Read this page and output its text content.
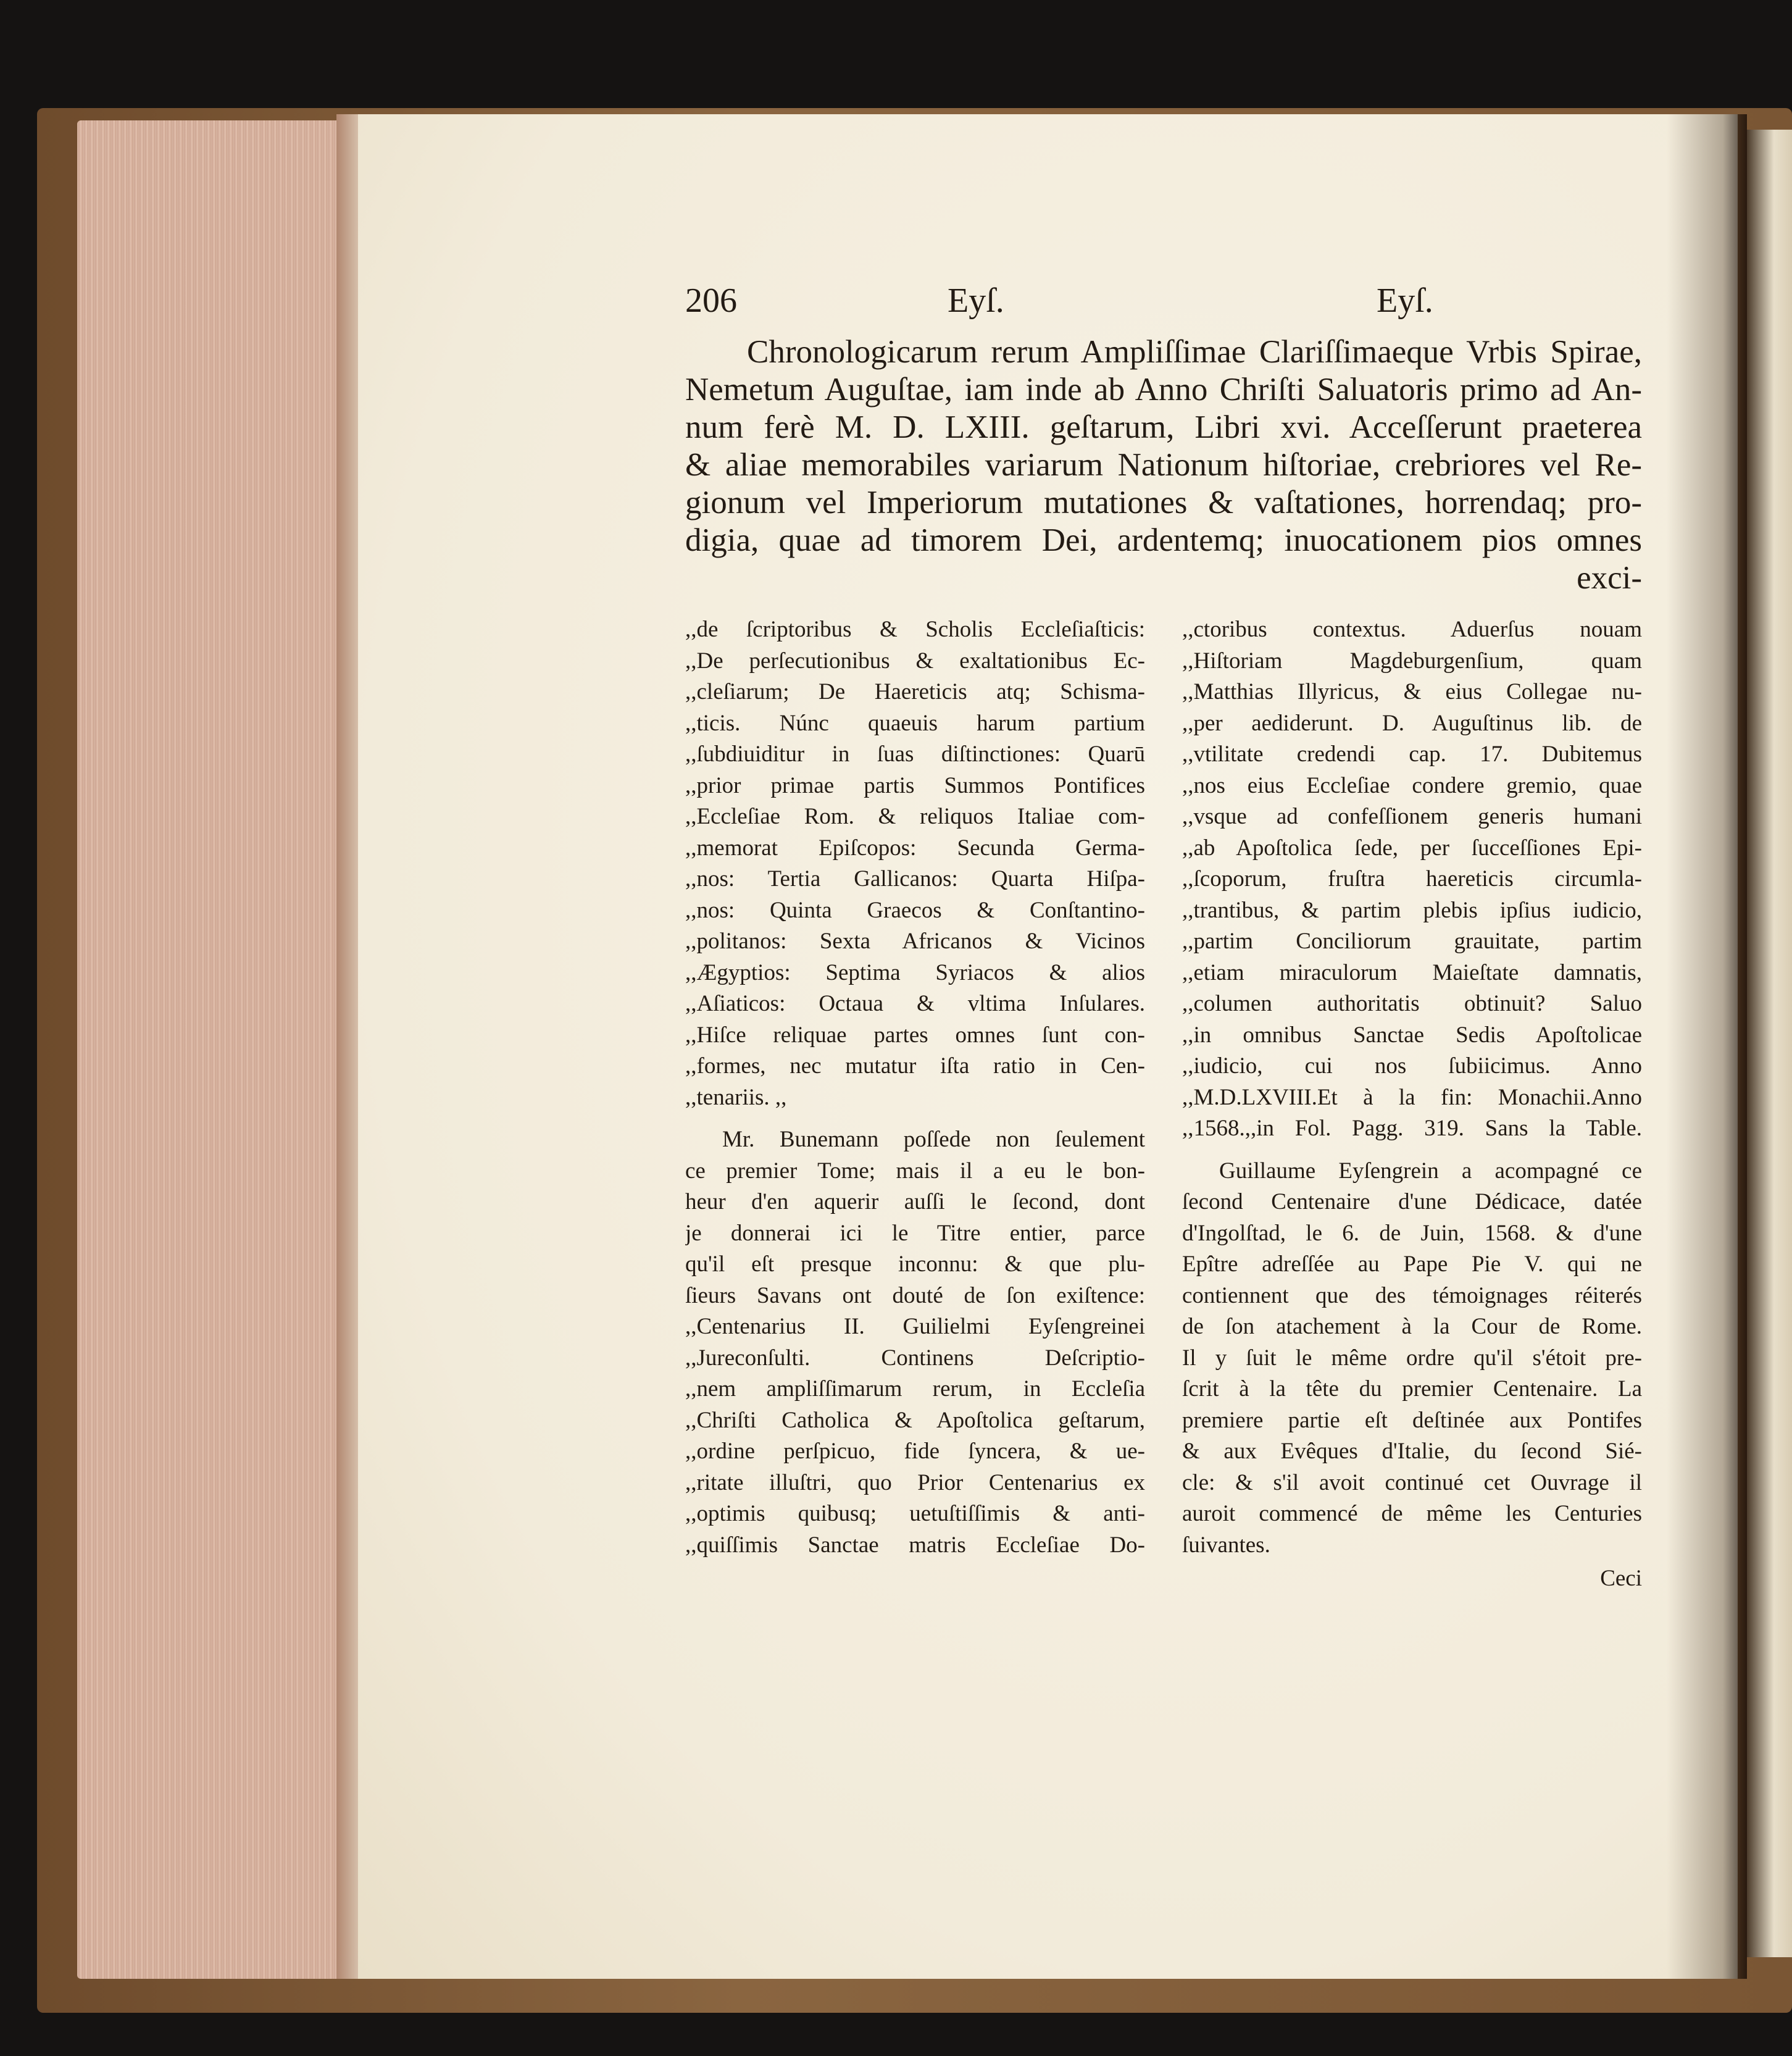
206	Eyſ.	Eyſ.
Chronologicarum rerum Ampliſſimae Clariſſimaeque Vrbis Spirae,
Nemetum Auguſtae, iam inde ab Anno Chriſti Saluatoris primo ad An-
num ferè M. D. LXIII. geſtarum, Libri xvi. Acceſſerunt praeterea
& aliae memorabiles variarum Nationum hiſtoriae, crebriores vel Re-
gionum vel Imperiorum mutationes & vaſtationes, horrendaq; pro-
digia, quae ad timorem Dei, ardentemq; inuocationem pios omnes
exci-
,,de ſcriptoribus & Scholis Eccleſiaſticis:
,,De perſecutionibus & exaltationibus Ec-
,,cleſiarum; De Haereticis atq; Schisma-
,,ticis. Núnc quaeuis harum partium
,,ſubdiuiditur in ſuas diſtinctiones: Quarū
,,prior primae partis Summos Pontifices
,,Eccleſiae Rom. & reliquos Italiae com-
,,memorat Epiſcopos: Secunda Germa-
,,nos: Tertia Gallicanos: Quarta Hiſpa-
,,nos: Quinta Graecos & Conſtantino-
,,politanos: Sexta Africanos & Vicinos
,,Ægyptios: Septima Syriacos & alios
,,Aſiaticos: Octaua & vltima Inſulares.
,,Hiſce reliquae partes omnes ſunt con-
,,formes, nec mutatur iſta ratio in Cen-
,,tenariis. ,,
Mr. Bunemann poſſede non ſeulement
ce premier Tome; mais il a eu le bon-
heur d'en aquerir auſſi le ſecond, dont
je donnerai ici le Titre entier, parce
qu'il eſt presque inconnu: & que plu-
ſieurs Savans ont douté de ſon exiſtence:
,,Centenarius II. Guilielmi Eyſengreinei
,,Jureconſulti. Continens Deſcriptio-
,,nem ampliſſimarum rerum, in Eccleſia
,,Chriſti Catholica & Apoſtolica geſtarum,
,,ordine perſpicuo, fide ſyncera, & ue-
,,ritate illuſtri, quo Prior Centenarius ex
,,optimis quibusq; uetuſtiſſimis & anti-
,,quiſſimis Sanctae matris Eccleſiae Do-
,,ctoribus contextus. Aduerſus nouam
,,Hiſtoriam Magdeburgenſium, quam
,,Matthias Illyricus, & eius Collegae nu-
,,per aediderunt. D. Auguſtinus lib. de
,,vtilitate credendi cap. 17. Dubitemus
,,nos eius Eccleſiae condere gremio, quae
,,vsque ad confeſſionem generis humani
,,ab Apoſtolica ſede, per ſucceſſiones Epi-
,,ſcoporum, fruſtra haereticis circumla-
,,trantibus, & partim plebis ipſius iudicio,
,,partim Conciliorum grauitate, partim
,,etiam miraculorum Maieſtate damnatis,
,,columen authoritatis obtinuit? Saluo
,,in omnibus Sanctae Sedis Apoſtolicae
,,iudicio, cui nos ſubiicimus. Anno
,,M.D.LXVIII.Et à la fin: Monachii.Anno
,,1568.,,in Fol. Pagg. 319. Sans la Table.
Guillaume Eyſengrein a acompagné ce
ſecond Centenaire d'une Dédicace, datée
d'Ingolſtad, le 6. de Juin, 1568. & d'une
Epître adreſſée au Pape Pie V. qui ne
contiennent que des témoignages réiterés
de ſon atachement à la Cour de Rome.
Il y ſuit le même ordre qu'il s'étoit pre-
ſcrit à la tête du premier Centenaire. La
premiere partie eſt deſtinée aux Pontifes
& aux Evêques d'Italie, du ſecond Sié-
cle: & s'il avoit continué cet Ouvrage il
auroit commencé de même les Centuries
ſuivantes.
Ceci
